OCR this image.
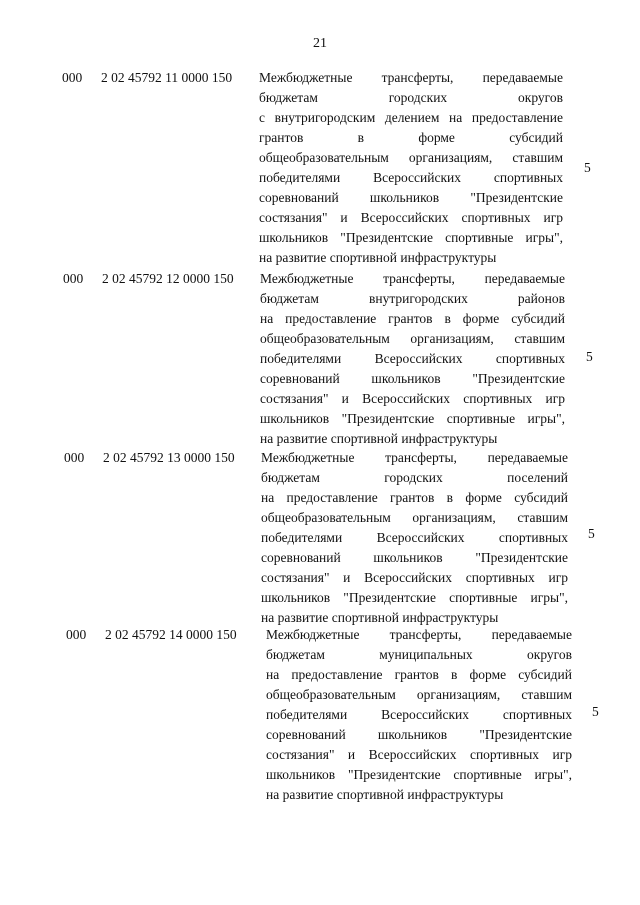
21
000 2 02 45792 11 0000 150 Межбюджетные трансферты, передаваемые
бюджетам городских округов
с внутригородским делением на предоставление
грантов в форме субсидий
общеобразовательным организациям, ставшим
победителями Всероссийских спортивных
соревнований школьников "Президентские
состязания" и Всероссийских спортивных игр
школьников "Президентские спортивные игры",
на развитие спортивной инфраструктуры
5
000 2 02 45792 12 0000 150 Межбюджетные трансферты, передаваемые
бюджетам внутригородских районов
на предоставление грантов в форме субсидий
общеобразовательным организациям, ставшим
победителями Всероссийских спортивных
соревнований школьников "Президентские
состязания" и Всероссийских спортивных игр
школьников "Президентские спортивные игры",
на развитие спортивной инфраструктуры
5
000 2 02 45792 13 0000 150 Межбюджетные трансферты, передаваемые
бюджетам городских поселений
на предоставление грантов в форме субсидий
общеобразовательным организациям, ставшим
победителями Всероссийских спортивных
соревнований школьников "Президентские
состязания" и Всероссийских спортивных игр
школьников "Президентские спортивные игры",
на развитие спортивной инфраструктуры
5
000 2 02 45792 14 0000 150 Межбюджетные трансферты, передаваемые
бюджетам муниципальных округов
на предоставление грантов в форме субсидий
общеобразовательным организациям, ставшим
победителями Всероссийских спортивных
соревнований школьников "Президентские
состязания" и Всероссийских спортивных игр
школьников "Президентские спортивные игры",
на развитие спортивной инфраструктуры
5
